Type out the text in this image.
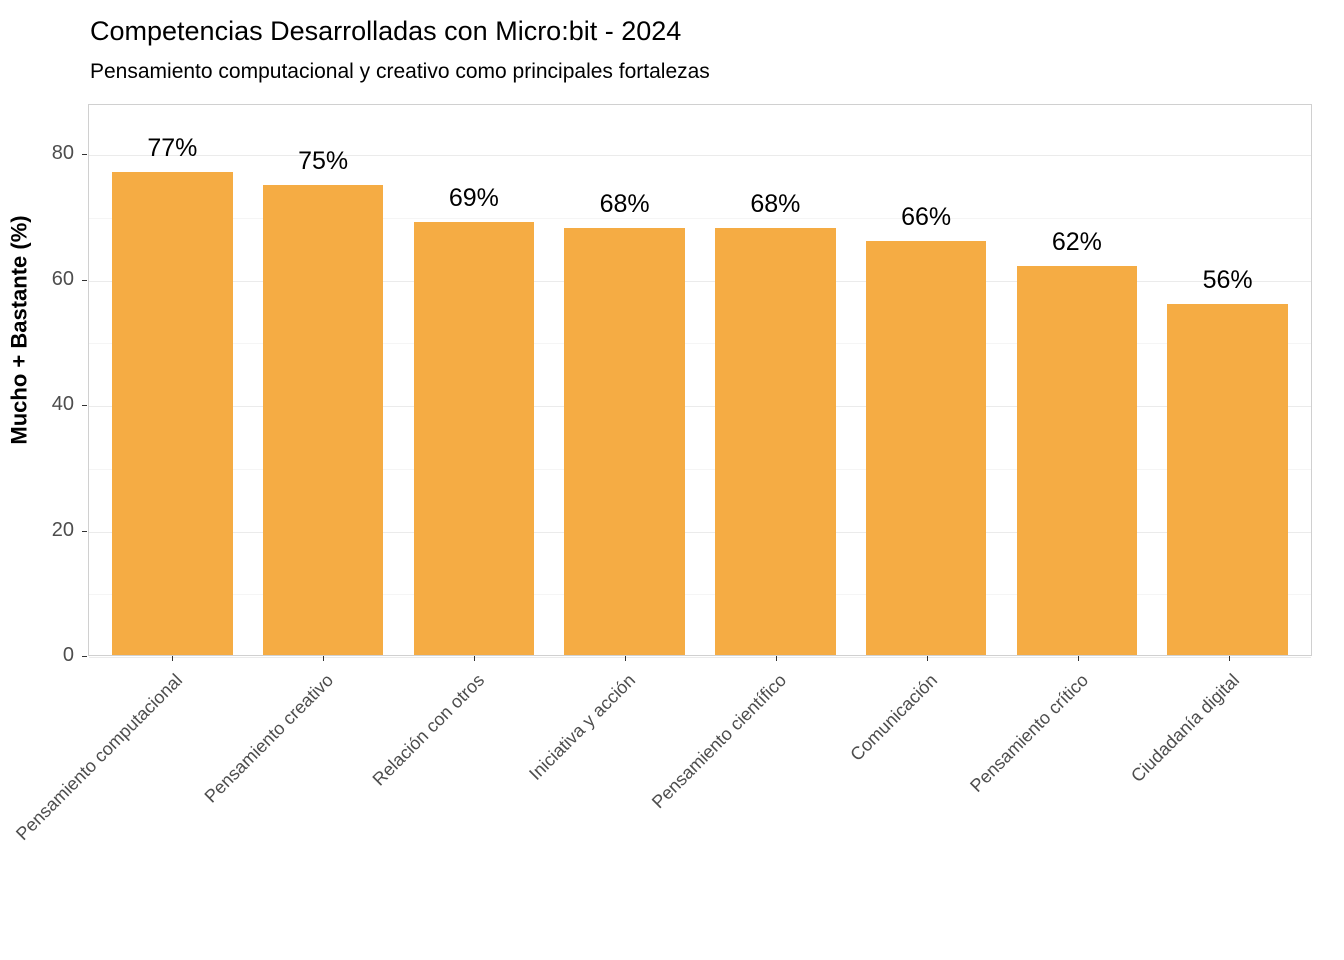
Competencias Desarrolladas con Micro:bit - 2024
Pensamiento computacional y creativo como principales fortalezas
Mucho + Bastante (%)
0
20
40
60
80	77%	75%
69%	68%	68%	66%
62%
56%
Pensamiento computacional Pensamiento creativo	Relación con otros	Iniciativa y acción Pensamiento científico	Comunicación	Pensamiento crítico	Ciudadanía digital
